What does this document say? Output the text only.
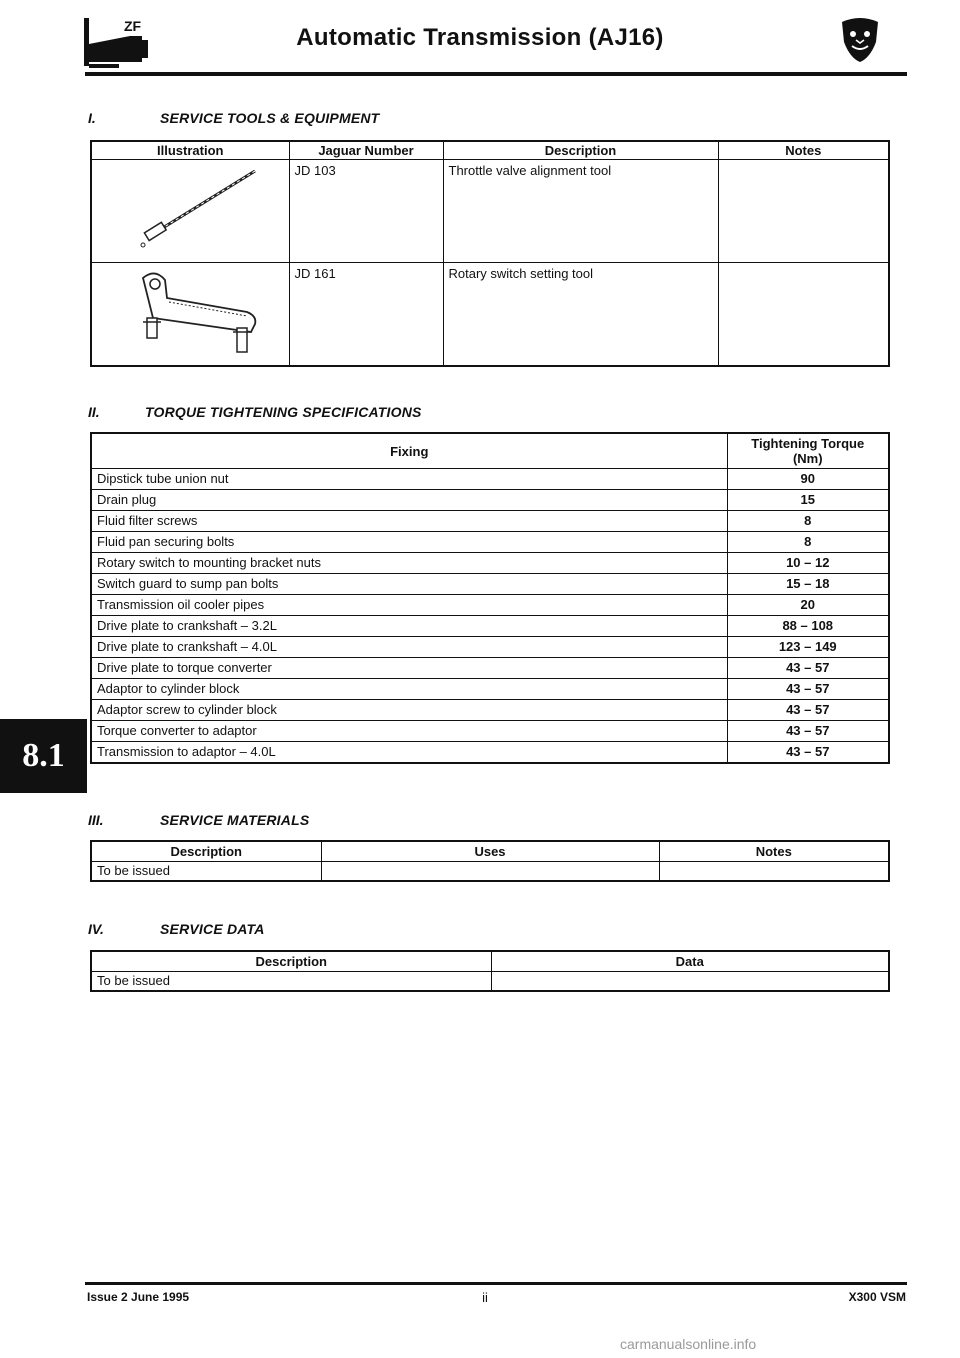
ZF	Automatic Transmission (AJ16)
I.	SERVICE TOOLS & EQUIPMENT
Illustration	Jaguar Number	Description	Notes
	JD 103	Throttle valve alignment tool	
	JD 161	Rotary switch setting tool	
II.	TORQUE TIGHTENING SPECIFICATIONS
Fixing	Tightening Torque
(Nm)

Dipstick tube union nut	90
Drain plug	15
Fluid filter screws	8
Fluid pan securing bolts	8
Rotary switch to mounting bracket nuts	10 – 12
Switch guard to sump pan bolts	15 – 18
Transmission oil cooler pipes	20
Drive plate to crankshaft – 3.2L	88 – 108
Drive plate to crankshaft – 4.0L	123 – 149
Drive plate to torque converter	43 – 57
Adaptor to cylinder block	43 – 57
Adaptor screw to cylinder block	43 – 57
Torque converter to adaptor	43 – 57
Transmission to adaptor – 4.0L	43 – 57
8.1
III.	SERVICE MATERIALS
Description	Uses	Notes
To be issued		
IV.	SERVICE DATA
Description	Data
To be issued	
Issue 2 June 1995	ii	X300 VSM
carmanualsonline.info
